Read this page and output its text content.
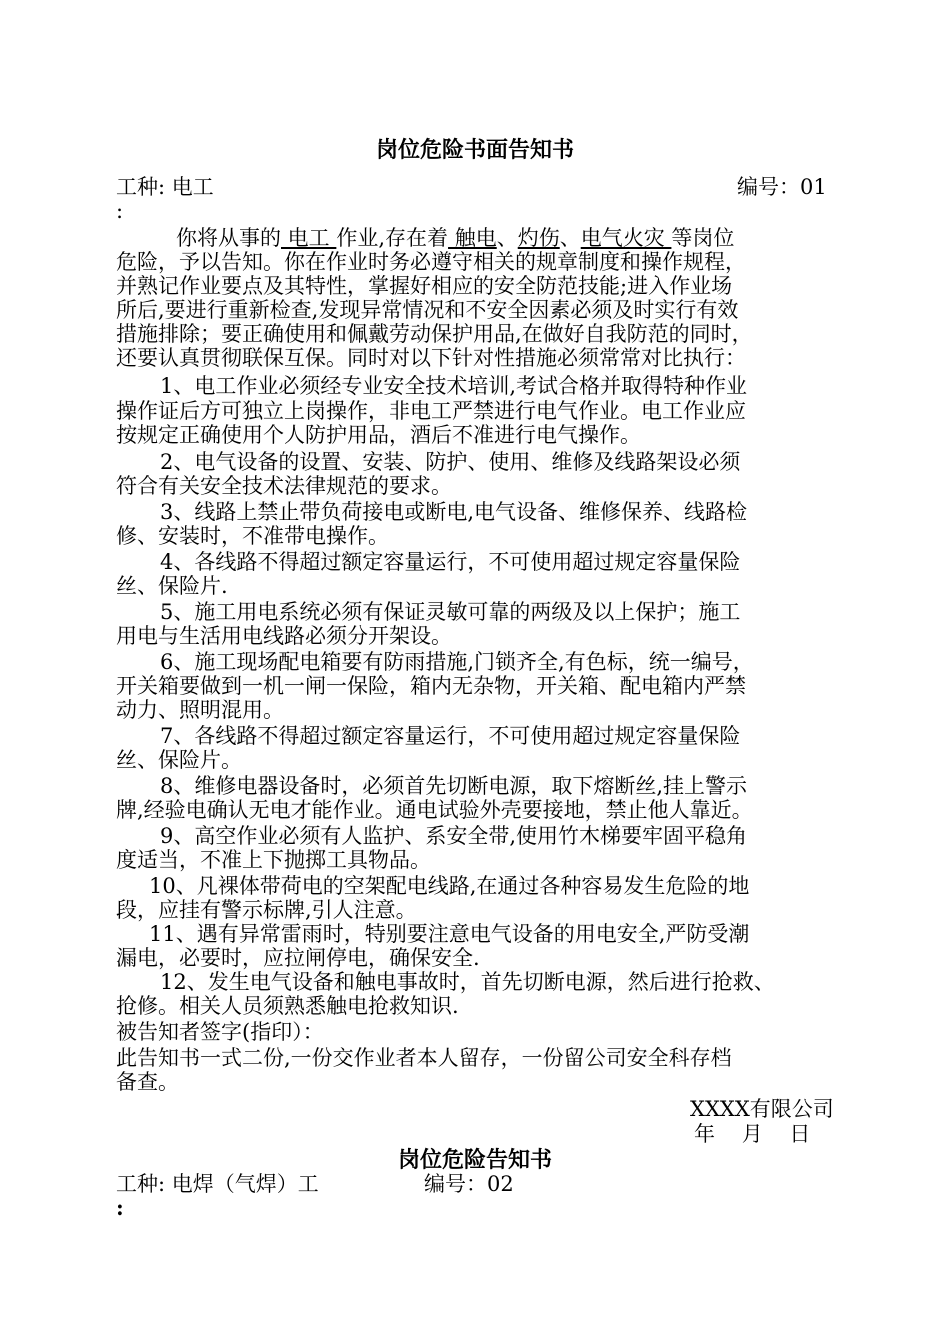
岗位危险书面告知书
工种: 电工	编号：01
:
你将从事的 电工 作业,存在着 触电、灼伤、电气火灾 等岗位
危险，予以告知。你在作业时务必遵守相关的规章制度和操作规程，
并熟记作业要点及其特性，掌握好相应的安全防范技能;进入作业场
所后,要进行重新检查,发现异常情况和不安全因素必须及时实行有效
措施排除；要正确使用和佩戴劳动保护用品,在做好自我防范的同时，
还要认真贯彻联保互保。同时对以下针对性措施必须常常对比执行：
1、电工作业必须经专业安全技术培训,考试合格并取得特种作业
操作证后方可独立上岗操作，非电工严禁进行电气作业。电工作业应
按规定正确使用个人防护用品，酒后不准进行电气操作。
2、电气设备的设置、安装、防护、使用、维修及线路架设必须
符合有关安全技术法律规范的要求。
3、线路上禁止带负荷接电或断电,电气设备、维修保养、线路检
修、安装时，不准带电操作。
4、各线路不得超过额定容量运行，不可使用超过规定容量保险
丝、保险片.
5、施工用电系统必须有保证灵敏可靠的两级及以上保护；施工
用电与生活用电线路必须分开架设。
6、施工现场配电箱要有防雨措施,门锁齐全,有色标，统一编号，
开关箱要做到一机一闸一保险，箱内无杂物，开关箱、配电箱内严禁
动力、照明混用。
7、各线路不得超过额定容量运行，不可使用超过规定容量保险
丝、保险片。
8、维修电器设备时，必须首先切断电源，取下熔断丝,挂上警示
牌,经验电确认无电才能作业。通电试验外壳要接地，禁止他人靠近。
9、高空作业必须有人监护、系安全带,使用竹木梯要牢固平稳角
度适当，不准上下抛掷工具物品。
10、凡裸体带荷电的空架配电线路,在通过各种容易发生危险的地
段，应挂有警示标牌,引人注意。
11、遇有异常雷雨时，特别要注意电气设备的用电安全,严防受潮
漏电，必要时，应拉闸停电，确保安全.
12、发生电气设备和触电事故时，首先切断电源，然后进行抢救、
抢修。相关人员须熟悉触电抢救知识.
被告知者签字(指印）：
此告知书一式二份,一份交作业者本人留存，一份留公司安全科存档
备查。
XXXX有限公司
年    月    日
岗位危险告知书
工种: 电焊（气焊）工	编号：02
:
